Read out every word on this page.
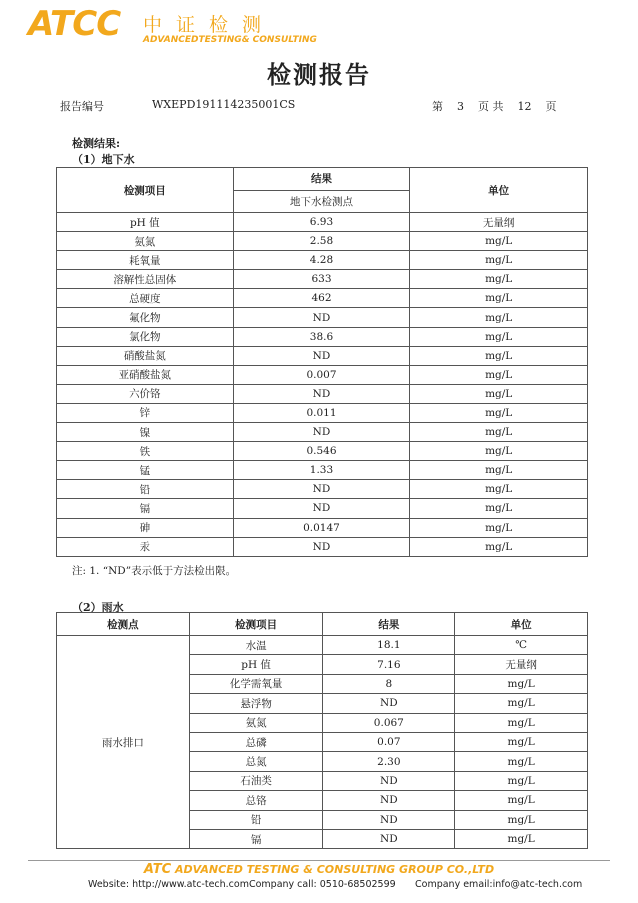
ATCC 中证检测
ADVANCEDTESTING& CONSULTING
检测报告
报告编号	WXEPD191114235001CS	第 3 页 共 12 页
检测结果:
（1）地下水
检测项目	结果	单位
	地下水检测点	
pH 值	6.93	无量纲
氨氮	2.58	mg/L
耗氧量	4.28	mg/L
溶解性总固体	633	mg/L
总硬度	462	mg/L
氟化物	ND	mg/L
氯化物	38.6	mg/L
硝酸盐氮	ND	mg/L
亚硝酸盐氮	0.007	mg/L
六价铬	ND	mg/L
锌	0.011	mg/L
镍	ND	mg/L
铁	0.546	mg/L
锰	1.33	mg/L
铅	ND	mg/L
镉	ND	mg/L
砷	0.0147	mg/L
汞	ND	mg/L
注: 1. “ND”表示低于方法检出限。
（2）雨水
检测点	检测项目	结果	单位
雨水排口	水温	18.1	℃
	pH 值	7.16	无量纲
	化学需氧量	8	mg/L
	悬浮物	ND	mg/L
	氨氮	0.067	mg/L
	总磷	0.07	mg/L
	总氮	2.30	mg/L
	石油类	ND	mg/L
	总铬	ND	mg/L
	铅	ND	mg/L
	镉	ND	mg/L
ATC ADVANCED TESTING & CONSULTING GROUP CO.,LTD
Website: http://www.atc-tech.comCompany call: 0510-68502599 Company email:info@atc-tech.com
